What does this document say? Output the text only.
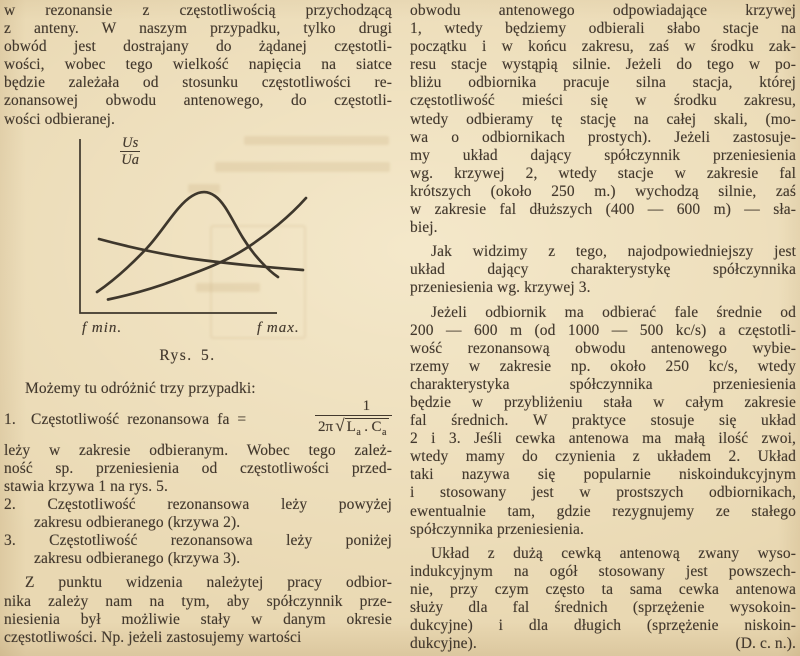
w rezonansie z częstotliwością przychodzącą
z anteny. W naszym przypadku, tylko drugi
obwód jest dostrajany do żądanej częstotli-
wości, wobec tego wielkość napięcia na siatce
będzie zależała od stosunku częstotliwości re-
zonansowej obwodu antenowego, do częstotli-
wości odbieranej.
$\frac{Us}{Ua}$
f min.	f max.
Rys. 5.
Możemy tu odróżnić trzy przypadki:
1. Częstotliwość rezonansowa fa =	$\frac{1}{2\pi √ L_a . C_a}$
leży w zakresie odbieranym. Wobec tego zależ-
ność sp. przeniesienia od częstotliwości przed-
stawia krzywa 1 na rys. 5.
2. Częstotliwość rezonansowa leży powyżej
zakresu odbieranego (krzywa 2).
3. Częstotliwość rezonansowa leży poniżej
zakresu odbieranego (krzywa 3).
Z punktu widzenia należytej pracy odbior-
nika zależy nam na tym, aby spółczynnik prze-
niesienia był możliwie stały w danym okresie
częstotliwości. Np. jeżeli zastosujemy wartości
obwodu antenowego odpowiadające krzywej
1, wtedy będziemy odbierali słabo stacje na
początku i w końcu zakresu, zaś w środku zak-
resu stacje wystąpią silnie. Jeżeli do tego w po-
bliżu odbiornika pracuje silna stacja, której
częstotliwość mieści się w środku zakresu,
wtedy odbieramy tę stację na całej skali, (mo-
wa o odbiornikach prostych). Jeżeli zastosuje-
my układ dający spółczynnik przeniesienia
wg. krzywej 2, wtedy stacje w zakresie fal
krótszych (około 250 m.) wychodzą silnie, zaś
w zakresie fal dłuższych (400 — 600 m) — sła-
biej.
Jak widzimy z tego, najodpowiedniejszy jest
układ dający charakterystykę spółczynnika
przeniesienia wg. krzywej 3.
Jeżeli odbiornik ma odbierać fale średnie od
200 — 600 m (od 1000 — 500 kc/s) a częstotli-
wość rezonansową obwodu antenowego wybie-
rzemy w zakresie np. około 250 kc/s, wtedy
charakterystyka spółczynnika przeniesienia
będzie w przybliżeniu stała w całym zakresie
fal średnich. W praktyce stosuje się układ
2 i 3. Jeśli cewka antenowa ma małą ilość zwoi,
wtedy mamy do czynienia z układem 2. Układ
taki nazywa się popularnie niskoindukcyjnym
i stosowany jest w prostszych odbiornikach,
ewentualnie tam, gdzie rezygnujemy ze stałego
spółczynnika przeniesienia.
Układ z dużą cewką antenową zwany wyso-
indukcyjnym na ogół stosowany jest powszech-
nie, przy czym często ta sama cewka antenowa
służy dla fal średnich (sprzężenie wysokoin-
dukcyjne) i dla długich (sprzężenie niskoin-
dukcyjne).	(D. c. n.).
